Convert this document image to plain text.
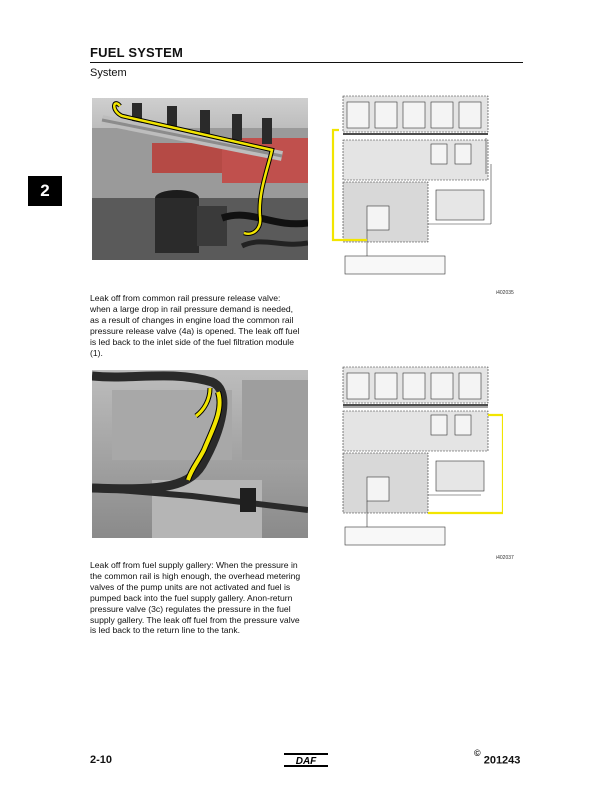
FUEL SYSTEM
System
2
i402035
Leak off from common rail pressure release valve: when a large drop in rail pressure demand is needed, as a result of changes in engine load the common rail pressure release valve (4a) is opened. The leak off fuel is led back to the inlet side of the fuel filtration module (1).
i402037
Leak off from fuel supply gallery: When the pressure in the common rail is high enough, the overhead metering valves of the pump units are not activated and fuel is pumped back into the fuel supply gallery. Anon-return pressure valve (3c) regulates the pressure in the fuel supply gallery. The leak off fuel from the pressure valve is led back to the return line to the tank.
2-10	DAF
© 201243
